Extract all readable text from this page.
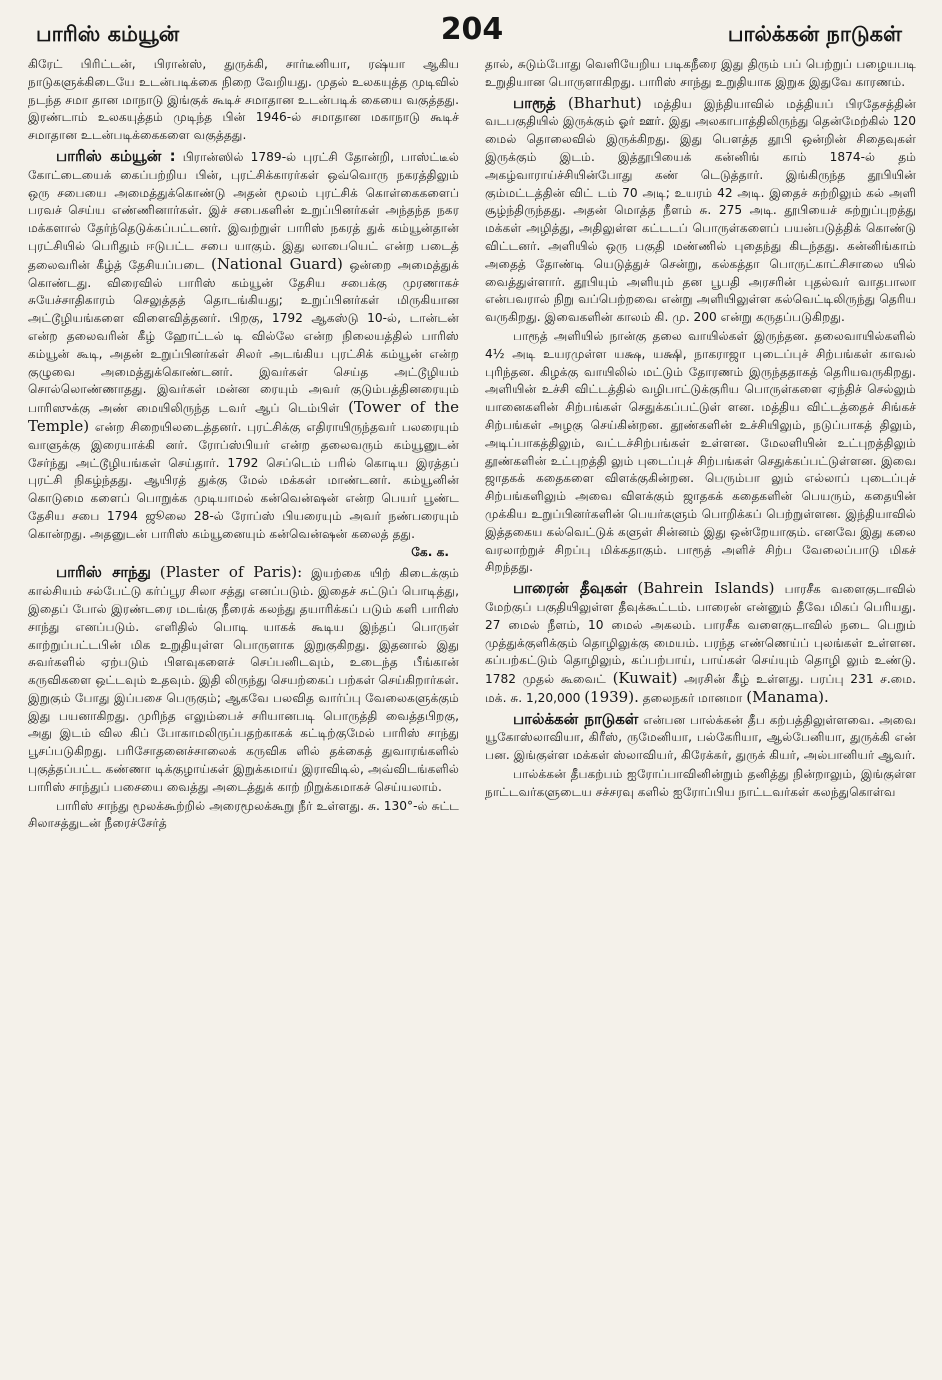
பாரிஸ் கம்யூன்	204	பால்க்கன் நாடுகள்

கிரேட் பிரிட்டன், பிரான்ஸ், துருக்கி, சார்டீனியா, ரஷ்யா ஆகிய நாடுகளுக்கிடையே உடன்படிக்கை நிறை வேறியது. முதல் உலகயுத்த முடிவில் நடந்த சமா தான மாநாடு இங்குக் கூடிச் சமாதான உடன்படிக் கையை வகுத்தது. இரண்டாம் உலகயுத்தம் முடிந்த பின் 1946-ல் சமாதான மகாநாடு கூடிச் சமாதான உடன்படிக்கைகளை வகுத்தது.

பாரிஸ் கம்யூன் : பிரான்ஸில் 1789-ல் புரட்சி தோன்றி, பாஸ்ட்டீல் கோட்டையைக் கைப்பற்றிய பின், புரட்சிக்காரர்கள் ஒவ்வொரு நகரத்திலும் ஒரு சபையை அமைத்துக்கொண்டு அதன் மூலம் புரட்சிக் கொள்கைகளைப் பரவச் செய்ய எண்ணினார்கள். இச் சபைகளின் உறுப்பினர்கள் அந்தந்த நகர மக்களால் தேர்ந்தெடுக்கப்பட்டனர். இவற்றுள் பாரிஸ் நகரத் துக் கம்யூன்தான் புரட்சியில் பெரிதும் ஈடுபட்ட சபை யாகும். இது லாபையெட் என்ற படைத் தலைவரின் கீழ்த் தேசியப்படை (National Guard) ஒன்றை அமைத்துக் கொண்டது. விரைவில் பாரிஸ் கம்யூன் தேசிய சபைக்கு முரணாகச் சுயேச்சாதிகாரம் செலுத்தத் தொடங்கியது; உறுப்பினர்கள் மிருகியான அட்டூழியங்களை விளைவித்தனர். பிறகு, 1792 ஆகஸ்டு 10-ல், டான்டன் என்ற தலைவரின் கீழ் ஹோட்டல் டி வில்லே என்ற நிலையத்தில் பாரிஸ் கம்யூன் கூடி, அதன் உறுப்பினர்கள் சிலர் அடங்கிய புரட்சிக் கம்யூன் என்ற குழுவை அமைத்துக்கொண்டனர். இவர்கள் செய்த அட்டூழியம் சொல்லொண்ணாதது. இவர்கள் மன்ன ரையும் அவர் குடும்பத்தினரையும் பாரிஸுக்கு அண் மையிலிருந்த டவர் ஆப் டெம்பிள் (Tower of the Temple) என்ற சிறையிலடைத்தனர். புரட்சிக்கு எதிராயிருந்தவர் பலரையும் வாளுக்கு இரையாக்கி னர். ரோப்ஸ்பியர் என்ற தலைவரும் கம்யூனுடன் சேர்ந்து அட்டூழியங்கள் செய்தார். 1792 செப்டெம் பரில் கொடிய இரத்தப் புரட்சி நிகழ்ந்தது. ஆயிரத் துக்கு மேல் மக்கள் மாண்டனர். கம்யூனின் கொடுமை களைப் பொறுக்க முடியாமல் கன்வென்ஷன் என்ற பெயர் பூண்ட தேசிய சபை 1794 ஜூலை 28-ல் ரோப்ஸ் பியரையும் அவர் நண்பரையும் கொன்றது. அதனுடன் பாரிஸ் கம்யூனையும் கன்வென்ஷன் கலைத் தது.
கே. க.

பாரிஸ் சாந்து (Plaster of Paris): இயற்கை யிற் கிடைக்கும் கால்சியம் சல்பேட்டு கர்ப்பூர சிலா சத்து எனப்படும். இதைச் சுட்டுப் பொடித்து, இதைப் போல் இரண்டரை மடங்கு நீரைக் கலந்து தயாரிக்கப் படும் களி பாரிஸ் சாந்து எனப்படும். எளிதில் பொடி யாகக் கூடிய இந்தப் பொருள் காற்றுப்பட்டபின் மிக உறுதியுள்ள பொருளாக இறுகுகிறது. இதனால் இது சுவர்களில் ஏற்படும் பிளவுகளைச் செப்பனிடவும், உடைந்த பீங்கான் கருவிகளை ஒட்டவும் உதவும். இதி லிருந்து செயற்கைப் பற்கள் செய்கிறார்கள். இறுகும் போது இப்பசை பெருகும்; ஆகவே பலவித வார்ப்பு வேலைகளுக்கும் இது பயனாகிறது. முரிந்த எலும்பைச் சரியானபடி பொருத்தி வைத்தபிறகு, அது இடம் வில கிப் போகாமலிருப்பதற்காகக் கட்டிற்குமேல் பாரிஸ் சாந்து பூசப்படுகிறது. பரிசோதனைச்சாலைக் கருவிக ளில் தக்கைத் துவாரங்களில் புகுத்தப்பட்ட கண்ணா டிக்குழாய்கள் இறுக்கமாய் இராவிடில், அவ்விடங்களில் பாரிஸ் சாந்துப் பசையை வைத்து அடைத்துக் காற் றிறுக்கமாகச் செய்யலாம்.

பாரிஸ் சாந்து மூலக்கூற்றில் அரைமூலக்கூறு நீர் உள்ளது. சு. 130°-ல் சுட்ட சிலாசத்துடன் நீரைச்சேர்த்

தால், சுடும்போது வெளியேறிய படிகநீரை இது திரும் பப் பெற்றுப் பழையபடி உறுதியான பொருளாகிறது. பாரிஸ் சாந்து உறுதியாக இறுக இதுவே காரணம்.

பாரூத் (Bharhut) மத்திய இந்தியாவில் மத்தியப் பிரதேசத்தின் வடபகுதியில் இருக்கும் ஓர் ஊர். இது அலகாபாத்திலிருந்து தென்மேற்கில் 120 மைல் தொலைவில் இருக்கிறது. இது பௌத்த தூபி ஒன்றின் சிதைவுகள் இருக்கும் இடம். இத்தூபியைக் கன்னிங் காம் 1874-ல் தம் அகழ்வாராய்ச்சியின்போது கண் டெடுத்தார். இங்கிருந்த தூபியின் கும்மட்டத்தின் விட் டம் 70 அடி; உயரம் 42 அடி. இதைச் சுற்றிலும் கல் அளி சூழ்ந்திருந்தது. அதன் மொத்த நீளம் சு. 275 அடி. தூபியைச் சுற்றுப்புறத்து மக்கள் அழித்து, அதிலுள்ள கட்டடப் பொருள்களைப் பயன்படுத்திக் கொண்டு விட்டனர். அளியில் ஒரு பகுதி மண்ணில் புதைந்து கிடந்தது. கன்னிங்காம் அதைத் தோண்டி யெடுத்துச் சென்று, கல்கத்தா பொருட்காட்சிசாலை யில் வைத்துள்ளார். தூபியும் அளியும் தன பூபதி அரசரின் புதல்வர் வாதபாலா என்பவரால் நிறு வப்பெற்றவை என்று அளியிலுள்ள கல்வெட்டிலிருந்து தெரிய வருகிறது. இவைகளின் காலம் கி. மு. 200 என்று கருதப்படுகிறது.

பாரூத் அளியில் நான்கு தலை வாயில்கள் இருந்தன. தலைவாயில்களில் 4½ அடி உயரமுள்ள யக்ஷ, யக்ஷி, நாகராஜா புடைப்புச் சிற்பங்கள் காவல் புரிந்தன. கிழக்கு வாயிலில் மட்டும் தோரணம் இருந்ததாகத் தெரியவருகிறது. அளியின் உச்சி விட்டத்தில் வழிபாட்டுக்குரிய பொருள்களை ஏந்திச் செல்லும் யானைகளின் சிற்பங்கள் செதுக்கப்பட்டுள் ளன. மத்திய விட்டத்தைச் சிங்கச் சிற்பங்கள் அழகு செய்கின்றன. தூண்களின் உச்சியிலும், நடுப்பாகத் திலும், அடிப்பாகத்திலும், வட்டச்சிற்பங்கள் உள்ளன. மேலளியின் உட்புறத்திலும் தூண்களின் உட்புறத்தி லும் புடைப்புச் சிற்பங்கள் செதுக்கப்பட்டுள்ளன. இவை ஜாதகக் கதைகளை விளக்குகின்றன. பெரும்பா லும் எல்லாப் புடைப்புச் சிற்பங்களிலும் அவை விளக்கும் ஜாதகக் கதைகளின் பெயரும், கதையின் முக்கிய உறுப்பினர்களின் பெயர்களும் பொறிக்கப் பெற்றுள்ளன. இந்தியாவில் இத்தகைய கல்வெட்டுக் களுள் சின்னம் இது ஒன்றேயாகும். எனவே இது கலை வரலாற்றுச் சிறப்பு மிக்கதாகும். பாரூத் அளிச் சிற்ப வேலைப்பாடு மிகச் சிறந்தது.

பாரைன் தீவுகள் (Bahrein Islands) பாரசீக வளைகுடாவில் மேற்குப் பகுதியிலுள்ள தீவுக்கூட்டம். பாரைன் என்னும் தீவே மிகப் பெரியது. 27 மைல் நீளம், 10 மைல் அகலம். பாரசீக வளைகுடாவில் நடை பெறும் முத்துக்குளிக்கும் தொழிலுக்கு மையம். பரந்த எண்ணெய்ப் புலங்கள் உள்ளன. கப்பற்கட்டும் தொழிலும், கப்பற்பாய், பாய்கள் செய்யும் தொழி லும் உண்டு. 1782 முதல் கூவைட் (Kuwait) அரசின் கீழ் உள்ளது. பரப்பு 231 ச.மை. மக். சு. 1,20,000 (1939). தலைநகர் மானமா (Manama).

பால்க்கன் நாடுகள் என்பன பால்க்கன் தீப கற்பத்திலுள்ளவை. அவை யூகோஸ்லாவியா, கிரீஸ், ருமேனியா, பல்கேரியா, ஆல்பேனியா, துருக்கி என் பன. இங்குள்ள மக்கள் ஸ்லாவியர், கிரேக்கர், துருக் கியர், அல்பானியர் ஆவர்.

பால்க்கன் தீபகற்பம் ஐரோப்பாவினின்றும் தனித்து நின்றாலும், இங்குள்ள நாட்டவர்களுடைய சச்சரவு களில் ஐரோப்பிய நாட்டவர்கள் கலந்துகொள்வ
